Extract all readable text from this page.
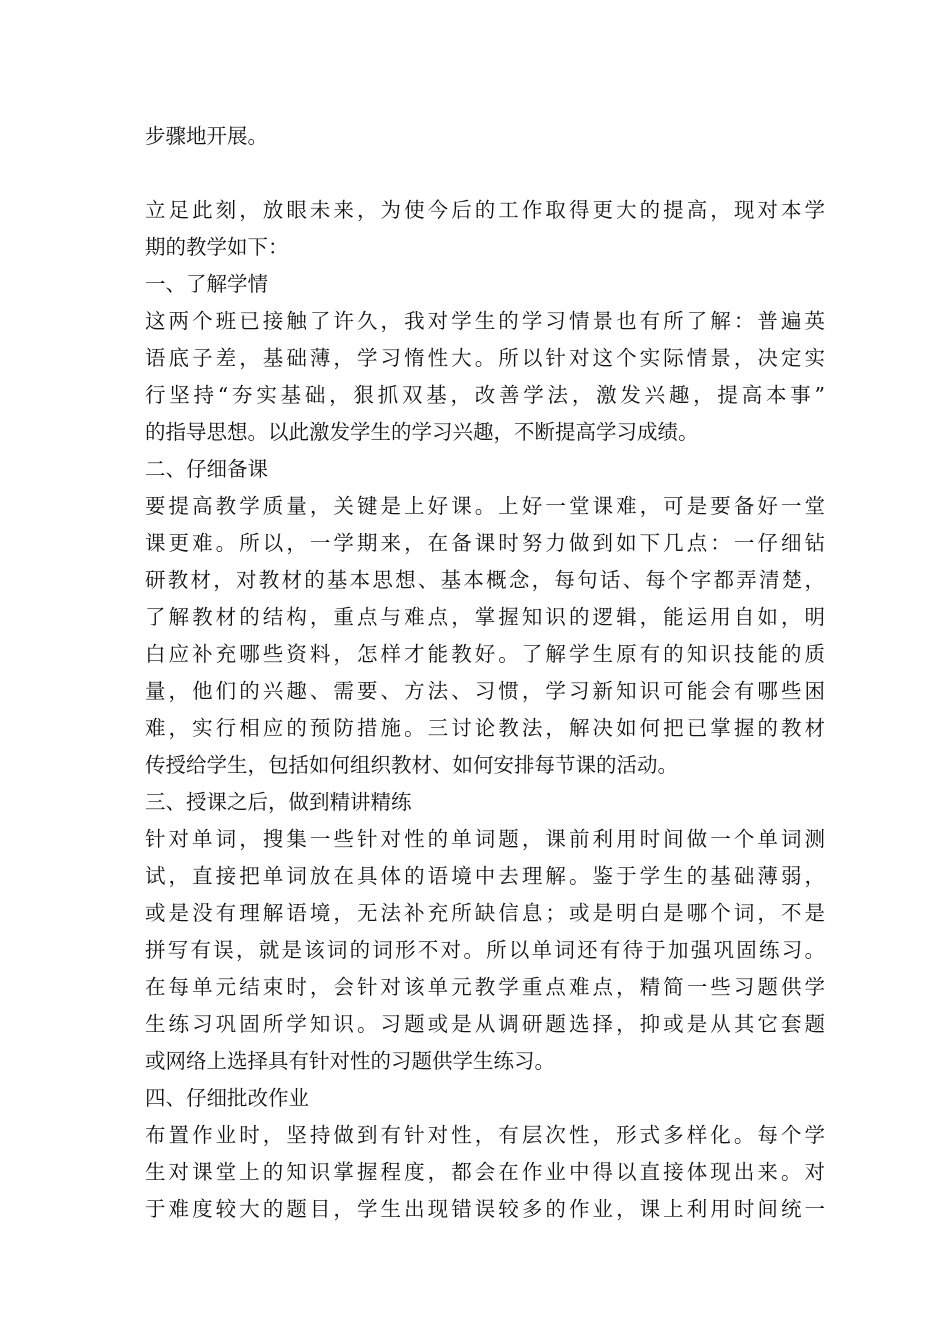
步骤地开展。
立足此刻，放眼未来，为使今后的工作取得更大的提高，现对本学
期的教学如下：
一、了解学情
这两个班已接触了许久，我对学生的学习情景也有所了解：普遍英
语底子差，基础薄，学习惰性大。所以针对这个实际情景，决定实
行坚持“夯实基础，狠抓双基，改善学法，激发兴趣，提高本事”
的指导思想。以此激发学生的学习兴趣，不断提高学习成绩。
二、仔细备课
要提高教学质量，关键是上好课。上好一堂课难，可是要备好一堂
课更难。所以，一学期来，在备课时努力做到如下几点：一仔细钻
研教材，对教材的基本思想、基本概念，每句话、每个字都弄清楚，
了解教材的结构，重点与难点，掌握知识的逻辑，能运用自如，明
白应补充哪些资料，怎样才能教好。了解学生原有的知识技能的质
量，他们的兴趣、需要、方法、习惯，学习新知识可能会有哪些困
难，实行相应的预防措施。三讨论教法，解决如何把已掌握的教材
传授给学生，包括如何组织教材、如何安排每节课的活动。
三、授课之后，做到精讲精练
针对单词，搜集一些针对性的单词题，课前利用时间做一个单词测
试，直接把单词放在具体的语境中去理解。鉴于学生的基础薄弱，
或是没有理解语境，无法补充所缺信息；或是明白是哪个词，不是
拼写有误，就是该词的词形不对。所以单词还有待于加强巩固练习。
在每单元结束时，会针对该单元教学重点难点，精简一些习题供学
生练习巩固所学知识。习题或是从调研题选择，抑或是从其它套题
或网络上选择具有针对性的习题供学生练习。
四、仔细批改作业
布置作业时，坚持做到有针对性，有层次性，形式多样化。每个学
生对课堂上的知识掌握程度，都会在作业中得以直接体现出来。对
于难度较大的题目，学生出现错误较多的作业，课上利用时间统一
